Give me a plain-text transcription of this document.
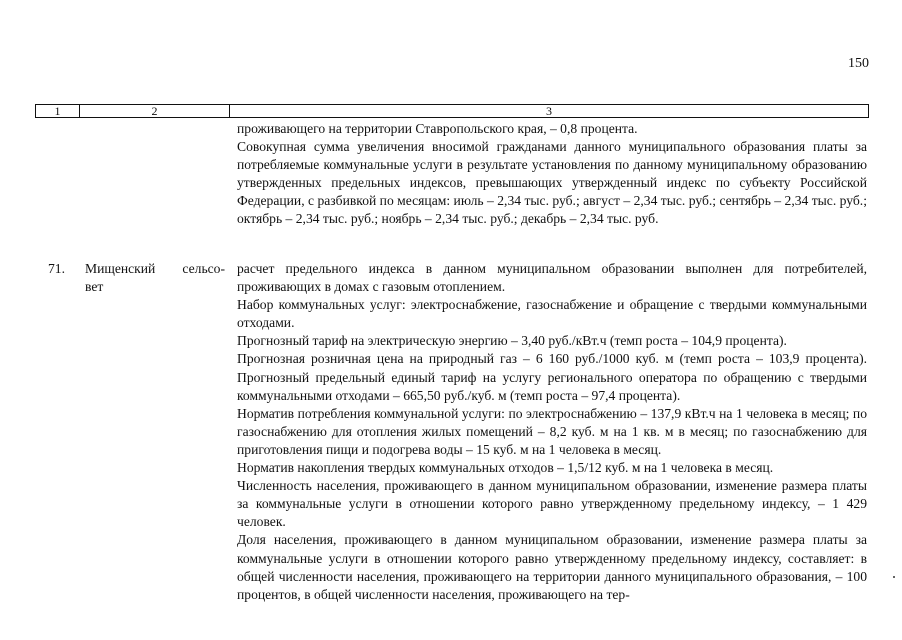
150
1	2	3

проживающего на территории Ставропольского края, – 0,8 процента.

Совокупная сумма увеличения вносимой гражданами данного муниципального образования платы за потребляемые коммунальные услуги в результате установления по данному муниципальному образованию утвержденных предельных индексов, превышающих утвержденный индекс по субъекту Российской Федерации, с разбивкой по месяцам: июль – 2,34 тыс. руб.; август – 2,34 тыс. руб.; сентябрь – 2,34 тыс. руб.; октябрь – 2,34 тыс. руб.; ноябрь – 2,34 тыс. руб.; декабрь – 2,34 тыс. руб.

71. Мищенский сельсо-
вет

расчет предельного индекса в данном муниципальном образовании выполнен для потребителей, проживающих в домах с газовым отоплением.

Набор коммунальных услуг: электроснабжение, газоснабжение и обращение с твердыми коммунальными отходами.

Прогнозный тариф на электрическую энергию – 3,40 руб./кВт.ч (темп роста – 104,9 процента).

Прогнозная розничная цена на природный газ – 6 160 руб./1000 куб. м (темп роста – 103,9 процента). Прогнозный предельный единый тариф на услугу регионального оператора по обращению с твердыми коммунальными отходами – 665,50 руб./куб. м (темп роста – 97,4 процента).

Норматив потребления коммунальной услуги: по электроснабжению – 137,9 кВт.ч на 1 человека в месяц; по газоснабжению для отопления жилых помещений – 8,2 куб. м на 1 кв. м в месяц; по газоснабжению для приготовления пищи и подогрева воды – 15 куб. м на 1 человека в месяц.

Норматив накопления твердых коммунальных отходов – 1,5/12 куб. м на 1 человека в месяц.

Численность населения, проживающего в данном муниципальном образовании, изменение размера платы за коммунальные услуги в отношении которого равно утвержденному предельному индексу, – 1 429 человек.

Доля населения, проживающего в данном муниципальном образовании, изменение размера платы за коммунальные услуги в отношении которого равно утвержденному предельному индексу, составляет: в общей численности населения, проживающего на территории данного муниципального образования, – 100 процентов, в общей численности населения, проживающего на тер-
